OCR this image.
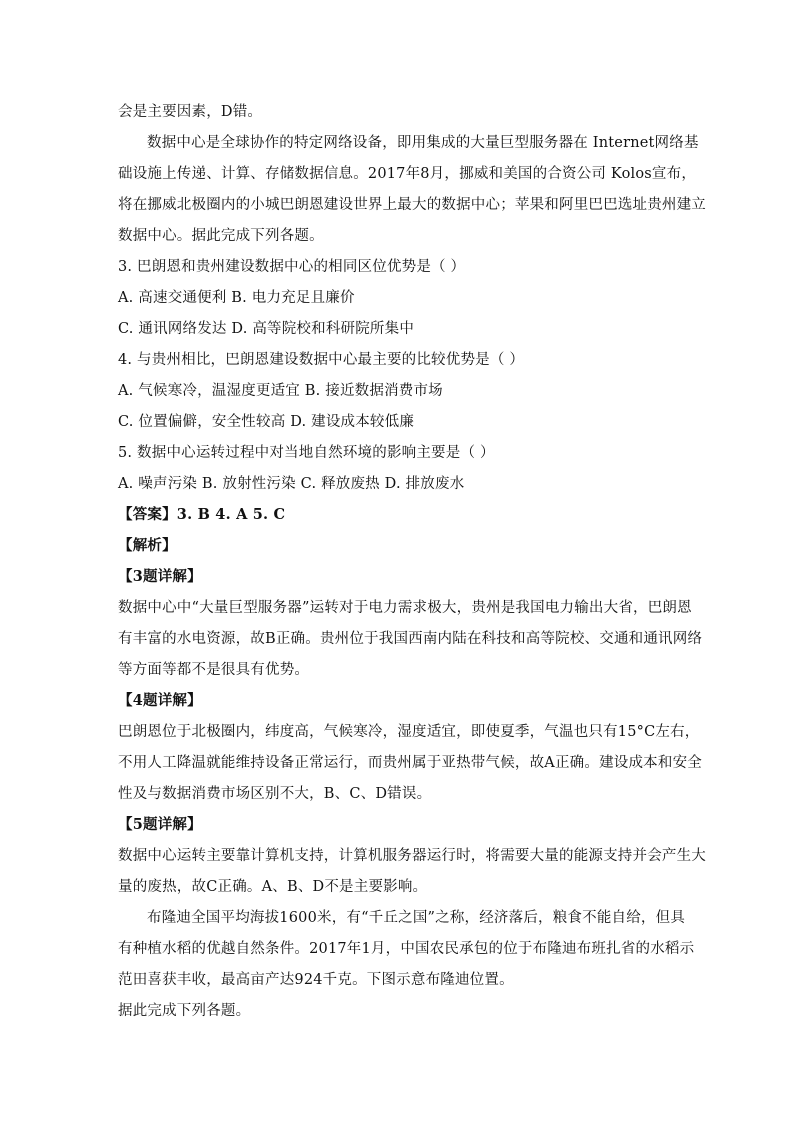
会是主要因素，D错。
数据中心是全球协作的特定网络设备，即用集成的大量巨型服务器在 Internet网络基
础设施上传递、计算、存储数据信息。2017年8月，挪威和美国的合资公司 Kolos宣布，
将在挪威北极圈内的小城巴朗恩建设世界上最大的数据中心；苹果和阿里巴巴选址贵州建立
数据中心。据此完成下列各题。
3. 巴朗恩和贵州建设数据中心的相同区位优势是（ ）
A. 高速交通便利 B. 电力充足且廉价
C. 通讯网络发达 D. 高等院校和科研院所集中
4. 与贵州相比，巴朗恩建设数据中心最主要的比较优势是（ ）
A. 气候寒冷，温湿度更适宜 B. 接近数据消费市场
C. 位置偏僻，安全性较高 D. 建设成本较低廉
5. 数据中心运转过程中对当地自然环境的影响主要是（ ）
A. 噪声污染 B. 放射性污染 C. 释放废热 D. 排放废水
【答案】3. B 4. A 5. C
【解析】
【3题详解】
数据中心中“大量巨型服务器”运转对于电力需求极大，贵州是我国电力输出大省，巴朗恩
有丰富的水电资源，故B正确。贵州位于我国西南内陆在科技和高等院校、交通和通讯网络
等方面等都不是很具有优势。
【4题详解】
巴朗恩位于北极圈内，纬度高，气候寒冷，湿度适宜，即使夏季，气温也只有15°C左右，
不用人工降温就能维持设备正常运行，而贵州属于亚热带气候，故A正确。建设成本和安全
性及与数据消费市场区别不大，B、C、D错误。
【5题详解】
数据中心运转主要靠计算机支持，计算机服务器运行时，将需要大量的能源支持并会产生大
量的废热，故C正确。A、B、D不是主要影响。
布隆迪全国平均海拔1600米，有“千丘之国”之称，经济落后，粮食不能自给，但具
有种植水稻的优越自然条件。2017年1月，中国农民承包的位于布隆迪布班扎省的水稻示
范田喜获丰收，最高亩产达924千克。下图示意布隆迪位置。
据此完成下列各题。
